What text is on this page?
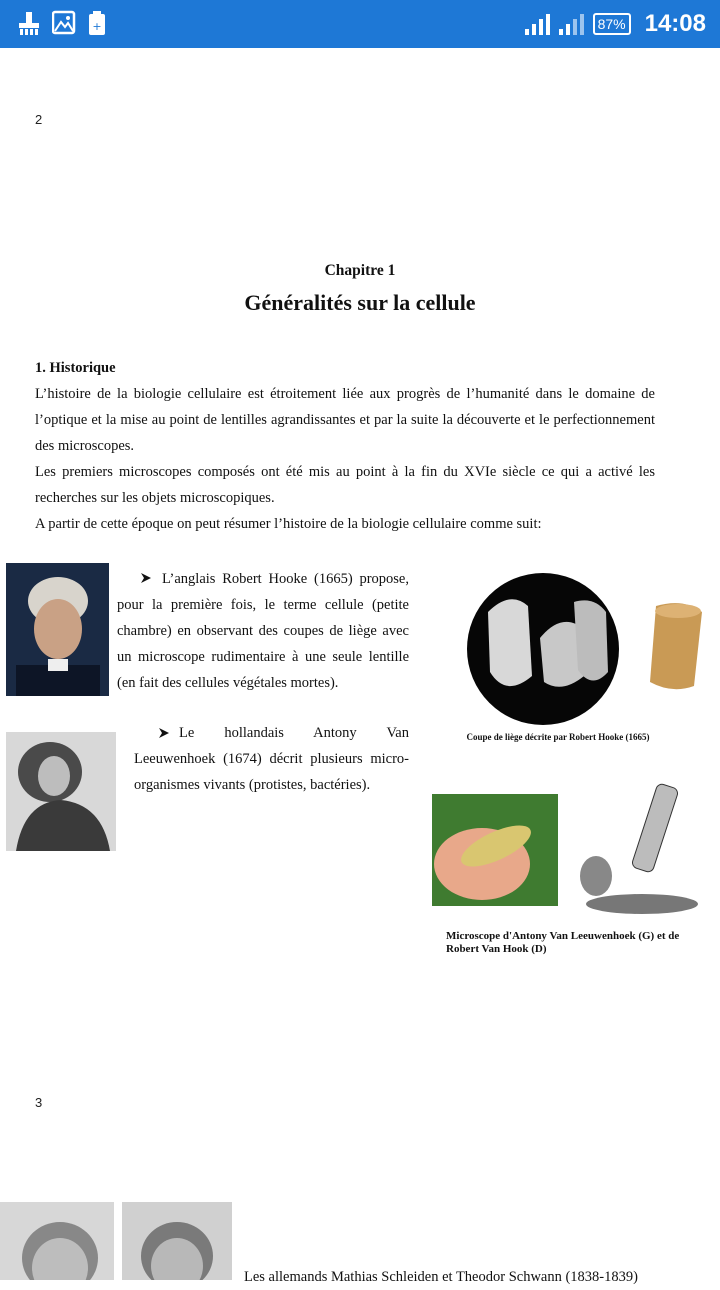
+	87% 14:08
2
Chapitre 1
Généralités sur la cellule
1. Historique

L’histoire de la biologie cellulaire est étroitement liée aux progrès de l’humanité dans le domaine de l’optique et la mise au point de lentilles agrandissantes et par la suite la découverte et le perfectionnement des microscopes.

Les premiers microscopes composés ont été mis au point à la fin du XVIe siècle ce qui a activé les recherches sur les objets microscopiques.

A partir de cette époque on peut résumer l’histoire de la biologie cellulaire comme suit:

L’anglais Robert Hooke (1665) propose, pour la première fois, le terme cellule (petite chambre) en observant des coupes de liège avec un microscope rudimentaire à une seule lentille (en fait des cellules végétales mortes).
Coupe de liège décrite par Robert Hooke (1665)
Le hollandais Antony Van Leeuwenhoek (1674) décrit plusieurs micro-organismes vivants (protistes, bactéries).
Microscope d'Antony Van Leeuwenhoek (G) et de Robert Van Hook (D)
3
Les allemands Mathias Schleiden et Theodor Schwann (1838-1839)
